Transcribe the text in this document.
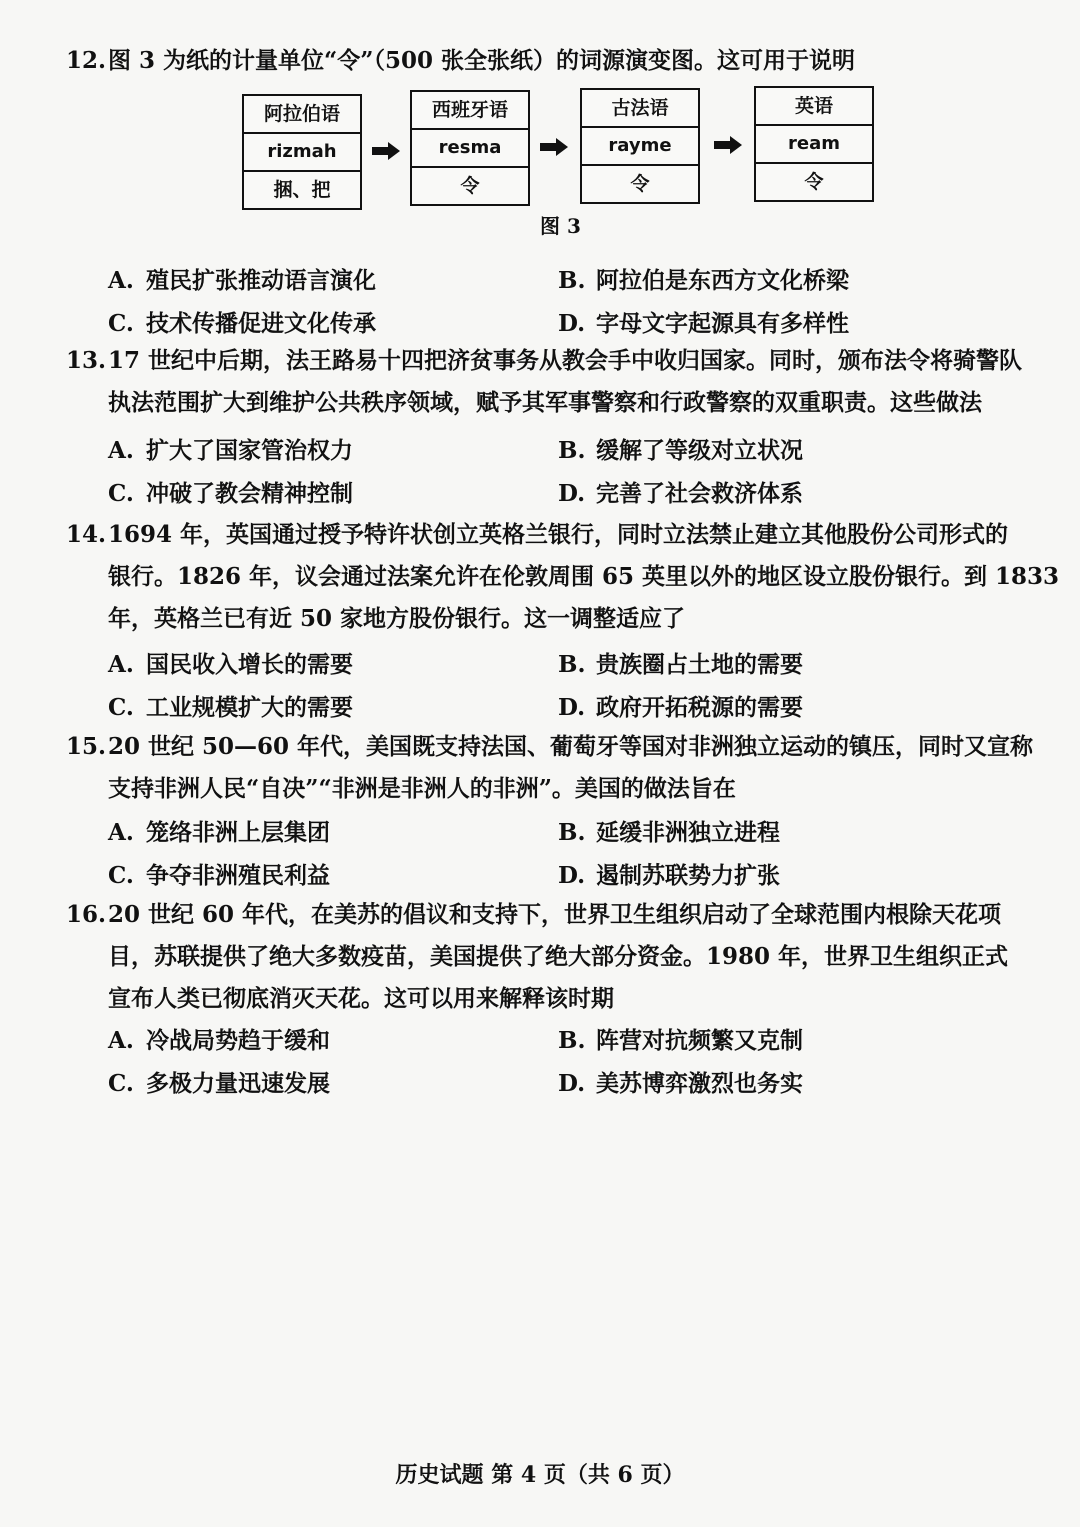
12.图 3 为纸的计量单位“令”（500 张全张纸）的词源演变图。这可用于说明
阿拉伯语
rizmah
捆、把
西班牙语
resma
令
古法语
rayme
令
英语
ream
令
图 3
A. 殖民扩张推动语言演化	B. 阿拉伯是东西方文化桥梁
C. 技术传播促进文化传承	D. 字母文字起源具有多样性
13.17 世纪中后期，法王路易十四把济贫事务从教会手中收归国家。同时，颁布法令将骑警队
执法范围扩大到维护公共秩序领域，赋予其军事警察和行政警察的双重职责。这些做法
A. 扩大了国家管治权力	B. 缓解了等级对立状况
C. 冲破了教会精神控制	D. 完善了社会救济体系
14.1694 年，英国通过授予特许状创立英格兰银行，同时立法禁止建立其他股份公司形式的
银行。1826 年，议会通过法案允许在伦敦周围 65 英里以外的地区设立股份银行。到 1833
年，英格兰已有近 50 家地方股份银行。这一调整适应了
A. 国民收入增长的需要	B. 贵族圈占土地的需要
C. 工业规模扩大的需要	D. 政府开拓税源的需要
15.20 世纪 50—60 年代，美国既支持法国、葡萄牙等国对非洲独立运动的镇压，同时又宣称
支持非洲人民“自决”“非洲是非洲人的非洲”。美国的做法旨在
A. 笼络非洲上层集团	B. 延缓非洲独立进程
C. 争夺非洲殖民利益	D. 遏制苏联势力扩张
16.20 世纪 60 年代，在美苏的倡议和支持下，世界卫生组织启动了全球范围内根除天花项
目，苏联提供了绝大多数疫苗，美国提供了绝大部分资金。1980 年，世界卫生组织正式
宣布人类已彻底消灭天花。这可以用来解释该时期
A. 冷战局势趋于缓和	B. 阵营对抗频繁又克制
C. 多极力量迅速发展	D. 美苏博弈激烈也务实
历史试题 第 4 页（共 6 页）
